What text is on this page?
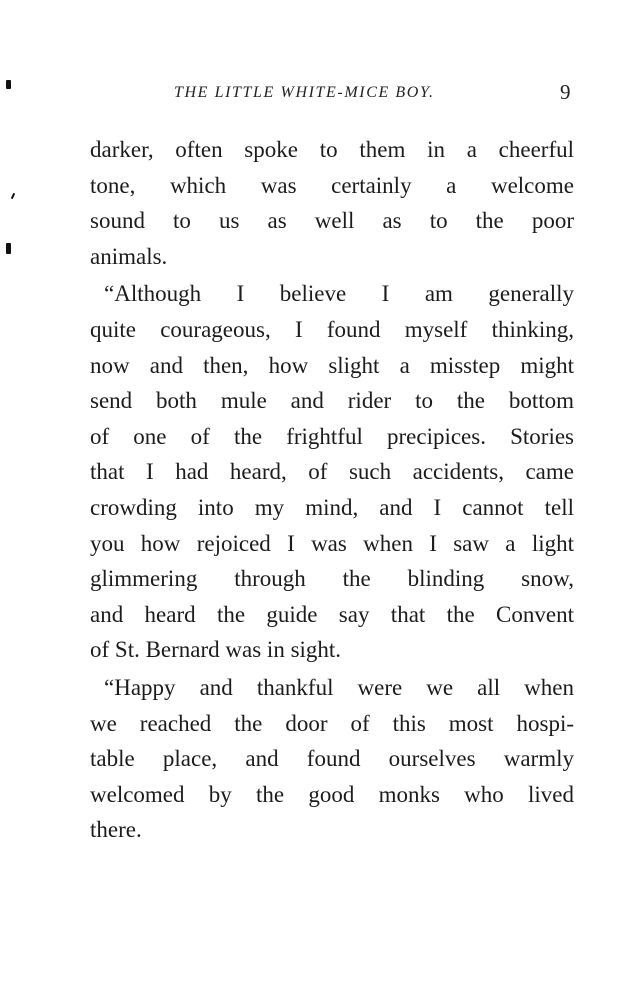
THE LITTLE WHITE-MICE BOY.	9
darker, often spoke to them in a cheerful
tone, which was certainly a welcome
sound to us as well as to the poor
animals.
“Although I believe I am generally
quite courageous, I found myself thinking,
now and then, how slight a misstep might
send both mule and rider to the bottom
of one of the frightful precipices. Stories
that I had heard, of such accidents, came
crowding into my mind, and I cannot tell
you how rejoiced I was when I saw a light
glimmering through the blinding snow,
and heard the guide say that the Convent
of St. Bernard was in sight.
“Happy and thankful were we all when
we reached the door of this most hospi-
table place, and found ourselves warmly
welcomed by the good monks who lived
there.
